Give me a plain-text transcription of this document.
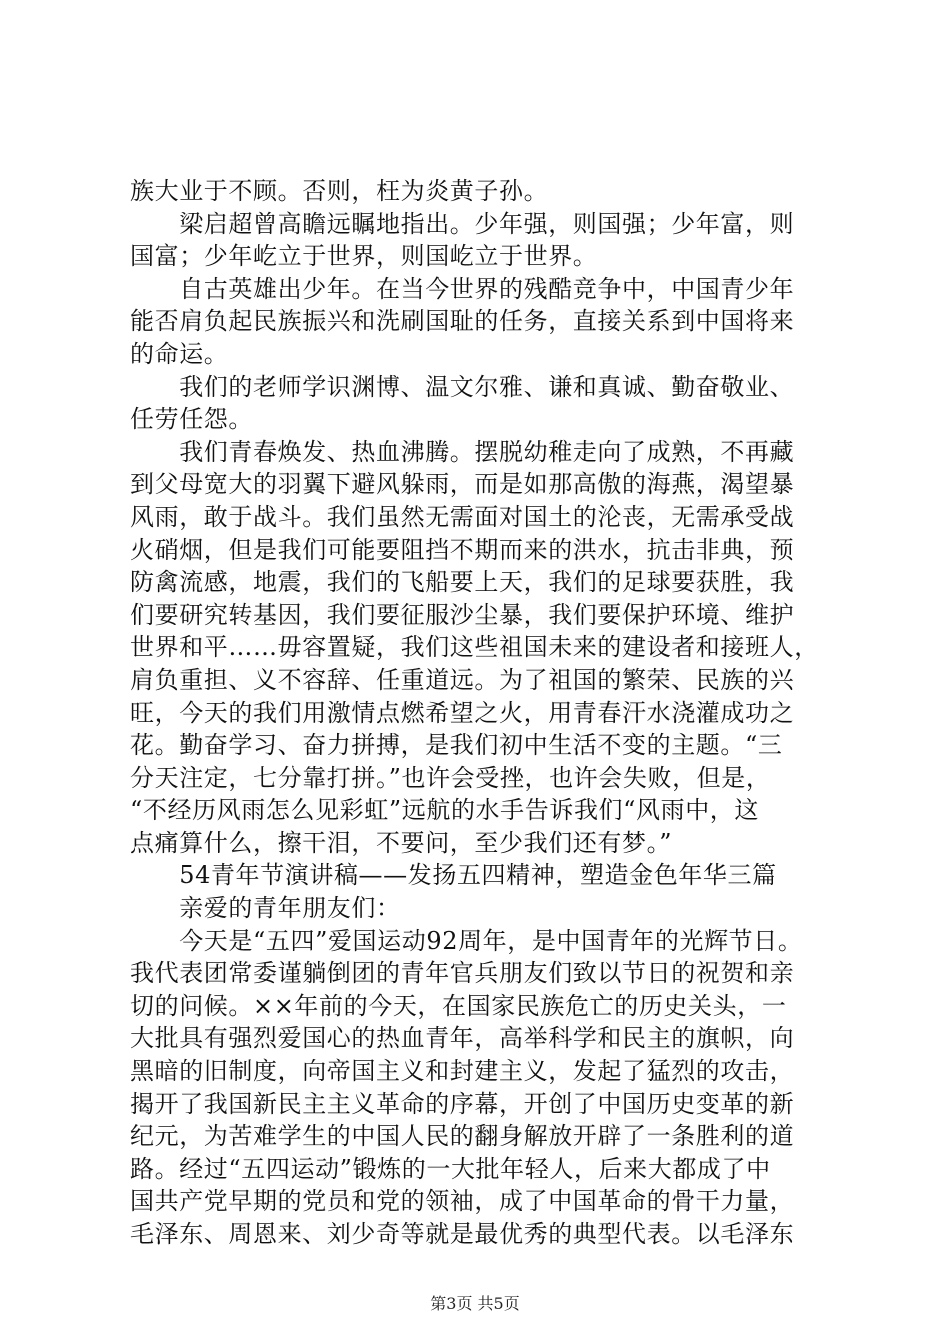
族大业于不顾。否则，枉为炎黄子孙。
　　梁启超曾高瞻远瞩地指出。少年强，则国强；少年富，则
国富；少年屹立于世界，则国屹立于世界。
　　自古英雄出少年。在当今世界的残酷竞争中，中国青少年
能否肩负起民族振兴和洗刷国耻的任务，直接关系到中国将来
的命运。
　　我们的老师学识渊博、温文尔雅、谦和真诚、勤奋敬业、
任劳任怨。
　　我们青春焕发、热血沸腾。摆脱幼稚走向了成熟，不再藏
到父母宽大的羽翼下避风躲雨，而是如那高傲的海燕，渴望暴
风雨，敢于战斗。我们虽然无需面对国土的沦丧，无需承受战
火硝烟，但是我们可能要阻挡不期而来的洪水，抗击非典，预
防禽流感，地震，我们的飞船要上天，我们的足球要获胜，我
们要研究转基因，我们要征服沙尘暴，我们要保护环境、维护
世界和平……毋容置疑，我们这些祖国未来的建设者和接班人，
肩负重担、义不容辞、任重道远。为了祖国的繁荣、民族的兴
旺，今天的我们用激情点燃希望之火，用青春汗水浇灌成功之
花。勤奋学习、奋力拼搏，是我们初中生活不变的主题。“三
分天注定，七分靠打拼。”也许会受挫，也许会失败，但是，
“不经历风雨怎么见彩虹”远航的水手告诉我们“风雨中，这
点痛算什么，擦干泪，不要问，至少我们还有梦。”
　　54青年节演讲稿——发扬五四精神，塑造金色年华三篇
　　亲爱的青年朋友们：
　　今天是“五四”爱国运动92周年，是中国青年的光辉节日。
我代表团常委谨躺倒团的青年官兵朋友们致以节日的祝贺和亲
切的问候。××年前的今天，在国家民族危亡的历史关头，一
大批具有强烈爱国心的热血青年，高举科学和民主的旗帜，向
黑暗的旧制度，向帝国主义和封建主义，发起了猛烈的攻击，
揭开了我国新民主主义革命的序幕，开创了中国历史变革的新
纪元，为苦难学生的中国人民的翻身解放开辟了一条胜利的道
路。经过“五四运动”锻炼的一大批年轻人，后来大都成了中
国共产党早期的党员和党的领袖，成了中国革命的骨干力量，
毛泽东、周恩来、刘少奇等就是最优秀的典型代表。以毛泽东
第3页 共5页
